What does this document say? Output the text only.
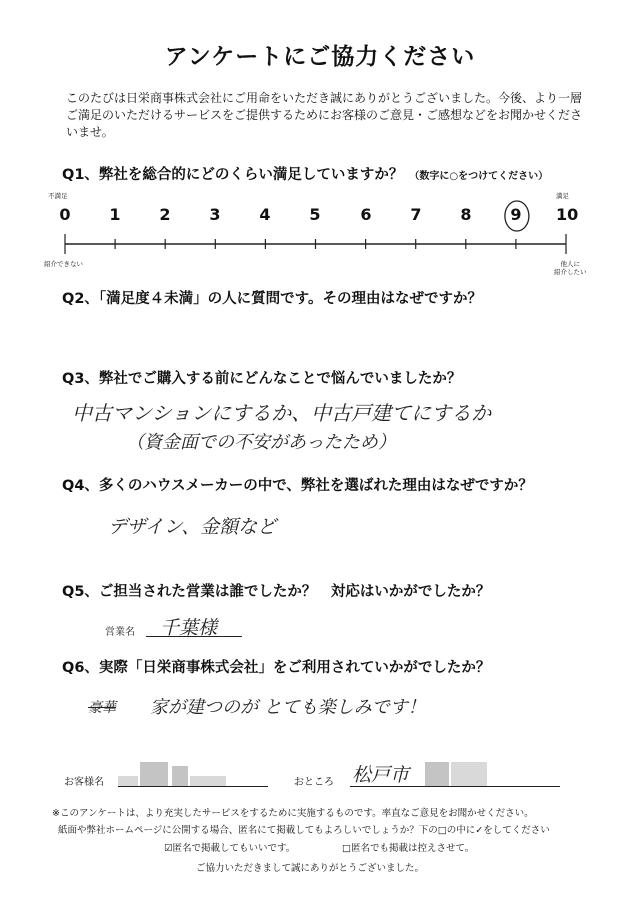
アンケートにご協力ください
このたびは日栄商事株式会社にご用命をいただき誠にありがとうございました。今後、より一層ご満足のいただけるサービスをご提供するためにお客様のご意見・ご感想などをお聞かせくださいませ。
Q1、弊社を総合的にどのくらい満足していますか？ （数字に○をつけてください）
不満足	満足
0 1 2 3 4 5 6 7 8 9 10
紹介できない	他人に
紹介したい
Q2、「満足度４未満」の人に質問です。その理由はなぜですか？
Q3、弊社でご購入する前にどんなことで悩んでいましたか？
中古マンションにするか、中古戸建てにするか
（資金面での不安があったため）
Q4、多くのハウスメーカーの中で、弊社を選ばれた理由はなぜですか？
デザイン、金額など
Q5、ご担当された営業は誰でしたか？　対応はいかがでしたか？
営業名 千葉様
Q6、実際「日栄商事株式会社」をご利用されていかがでしたか？
豪華 家が建つのが とても楽しみです！
お客様名	おところ 松戸市
※このアンケートは、より充実したサービスをするために実施するものです。率直なご意見をお聞かせください。
紙面や弊社ホームページに公開する場合、匿名にて掲載してもよろしいでしょうか？下の□の中に✓をしてください
☑匿名で掲載してもいいです。	□匿名でも掲載は控えさせて。
ご協力いただきまして誠にありがとうございました。
